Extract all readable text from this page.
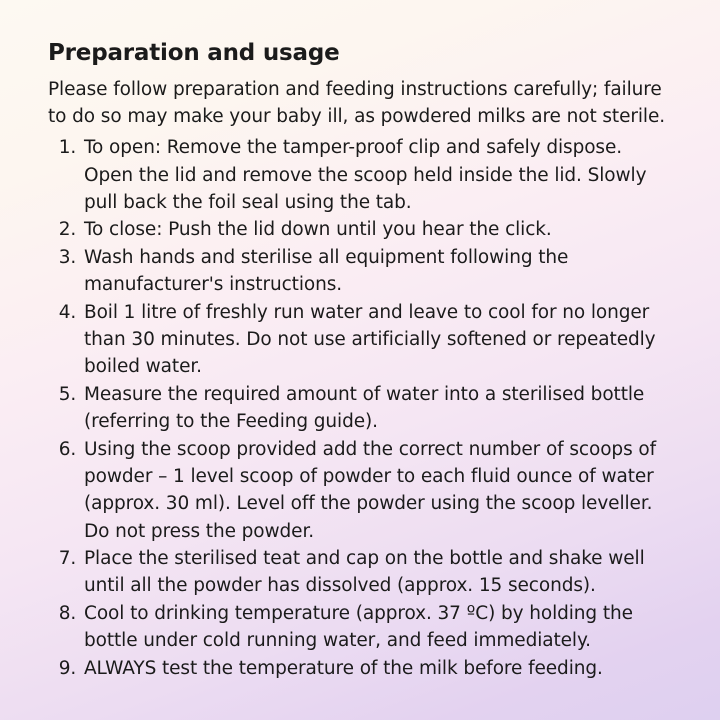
Preparation and usage

Please follow preparation and feeding instructions carefully; failure to do so may make your baby ill, as powdered milks are not sterile.

1. To open: Remove the tamper-proof clip and safely dispose. Open the lid and remove the scoop held inside the lid. Slowly pull back the foil seal using the tab.
2. To close: Push the lid down until you hear the click.
3. Wash hands and sterilise all equipment following the manufacturer's instructions.
4. Boil 1 litre of freshly run water and leave to cool for no longer than 30 minutes. Do not use artificially softened or repeatedly boiled water.
5. Measure the required amount of water into a sterilised bottle (referring to the Feeding guide).
6. Using the scoop provided add the correct number of scoops of powder – 1 level scoop of powder to each fluid ounce of water (approx. 30 ml). Level off the powder using the scoop leveller. Do not press the powder.
7. Place the sterilised teat and cap on the bottle and shake well until all the powder has dissolved (approx. 15 seconds).
8. Cool to drinking temperature (approx. 37 ºC) by holding the bottle under cold running water, and feed immediately.
9. ALWAYS test the temperature of the milk before feeding.
